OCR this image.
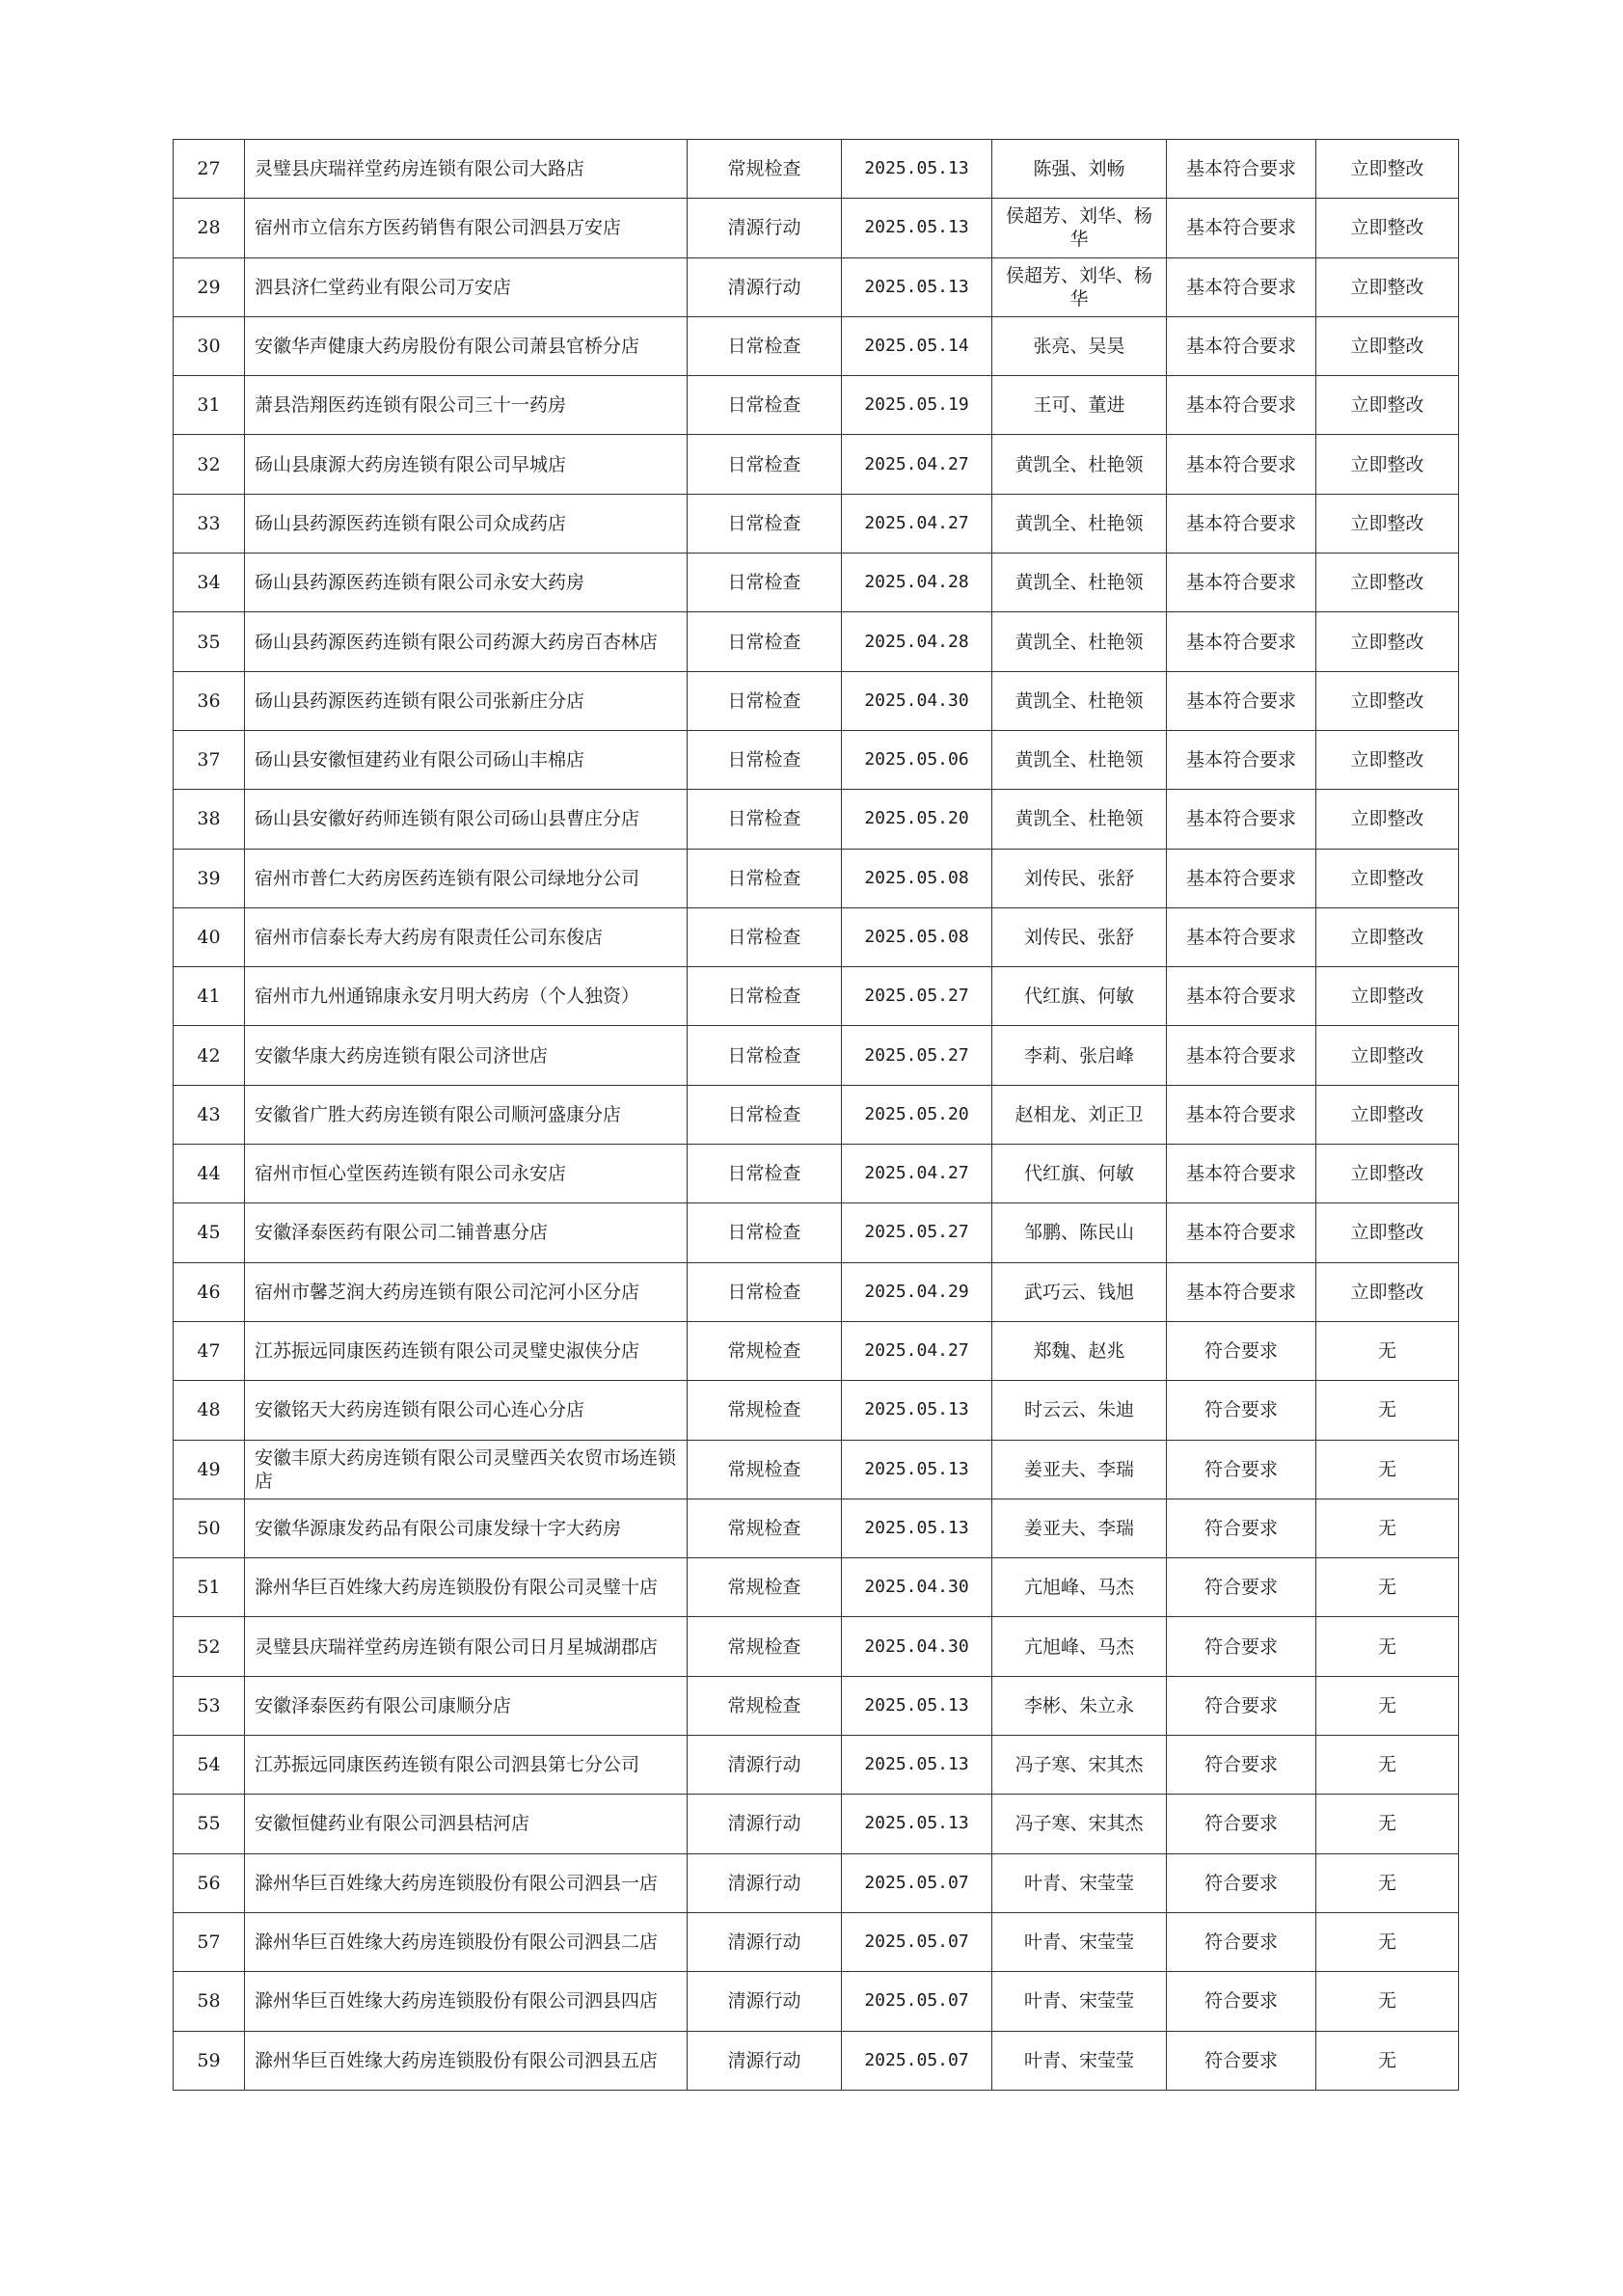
27	灵璧县庆瑞祥堂药房连锁有限公司大路店	常规检查	2025.05.13	陈强、刘畅	基本符合要求	立即整改
28	宿州市立信东方医药销售有限公司泗县万安店	清源行动	2025.05.13	侯超芳、刘华、杨华	基本符合要求	立即整改
29	泗县济仁堂药业有限公司万安店	清源行动	2025.05.13	侯超芳、刘华、杨华	基本符合要求	立即整改
30	安徽华声健康大药房股份有限公司萧县官桥分店	日常检查	2025.05.14	张亮、吴昊	基本符合要求	立即整改
31	萧县浩翔医药连锁有限公司三十一药房	日常检查	2025.05.19	王可、董进	基本符合要求	立即整改
32	砀山县康源大药房连锁有限公司早城店	日常检查	2025.04.27	黄凯全、杜艳领	基本符合要求	立即整改
33	砀山县药源医药连锁有限公司众成药店	日常检查	2025.04.27	黄凯全、杜艳领	基本符合要求	立即整改
34	砀山县药源医药连锁有限公司永安大药房	日常检查	2025.04.28	黄凯全、杜艳领	基本符合要求	立即整改
35	砀山县药源医药连锁有限公司药源大药房百杏林店	日常检查	2025.04.28	黄凯全、杜艳领	基本符合要求	立即整改
36	砀山县药源医药连锁有限公司张新庄分店	日常检查	2025.04.30	黄凯全、杜艳领	基本符合要求	立即整改
37	砀山县安徽恒建药业有限公司砀山丰棉店	日常检查	2025.05.06	黄凯全、杜艳领	基本符合要求	立即整改
38	砀山县安徽好药师连锁有限公司砀山县曹庄分店	日常检查	2025.05.20	黄凯全、杜艳领	基本符合要求	立即整改
39	宿州市普仁大药房医药连锁有限公司绿地分公司	日常检查	2025.05.08	刘传民、张舒	基本符合要求	立即整改
40	宿州市信泰长寿大药房有限责任公司东俊店	日常检查	2025.05.08	刘传民、张舒	基本符合要求	立即整改
41	宿州市九州通锦康永安月明大药房（个人独资）	日常检查	2025.05.27	代红旗、何敏	基本符合要求	立即整改
42	安徽华康大药房连锁有限公司济世店	日常检查	2025.05.27	李莉、张启峰	基本符合要求	立即整改
43	安徽省广胜大药房连锁有限公司顺河盛康分店	日常检查	2025.05.20	赵相龙、刘正卫	基本符合要求	立即整改
44	宿州市恒心堂医药连锁有限公司永安店	日常检查	2025.04.27	代红旗、何敏	基本符合要求	立即整改
45	安徽泽泰医药有限公司二铺普惠分店	日常检查	2025.05.27	邹鹏、陈民山	基本符合要求	立即整改
46	宿州市馨芝润大药房连锁有限公司沱河小区分店	日常检查	2025.04.29	武巧云、钱旭	基本符合要求	立即整改
47	江苏振远同康医药连锁有限公司灵璧史淑侠分店	常规检查	2025.04.27	郑魏、赵兆	符合要求	无
48	安徽铭天大药房连锁有限公司心连心分店	常规检查	2025.05.13	时云云、朱迪	符合要求	无
49	安徽丰原大药房连锁有限公司灵璧西关农贸市场连锁店	常规检查	2025.05.13	姜亚夫、李瑞	符合要求	无
50	安徽华源康发药品有限公司康发绿十字大药房	常规检查	2025.05.13	姜亚夫、李瑞	符合要求	无
51	滁州华巨百姓缘大药房连锁股份有限公司灵璧十店	常规检查	2025.04.30	亢旭峰、马杰	符合要求	无
52	灵璧县庆瑞祥堂药房连锁有限公司日月星城湖郡店	常规检查	2025.04.30	亢旭峰、马杰	符合要求	无
53	安徽泽泰医药有限公司康顺分店	常规检查	2025.05.13	李彬、朱立永	符合要求	无
54	江苏振远同康医药连锁有限公司泗县第七分公司	清源行动	2025.05.13	冯子寒、宋其杰	符合要求	无
55	安徽恒健药业有限公司泗县桔河店	清源行动	2025.05.13	冯子寒、宋其杰	符合要求	无
56	滁州华巨百姓缘大药房连锁股份有限公司泗县一店	清源行动	2025.05.07	叶青、宋莹莹	符合要求	无
57	滁州华巨百姓缘大药房连锁股份有限公司泗县二店	清源行动	2025.05.07	叶青、宋莹莹	符合要求	无
58	滁州华巨百姓缘大药房连锁股份有限公司泗县四店	清源行动	2025.05.07	叶青、宋莹莹	符合要求	无
59	滁州华巨百姓缘大药房连锁股份有限公司泗县五店	清源行动	2025.05.07	叶青、宋莹莹	符合要求	无
